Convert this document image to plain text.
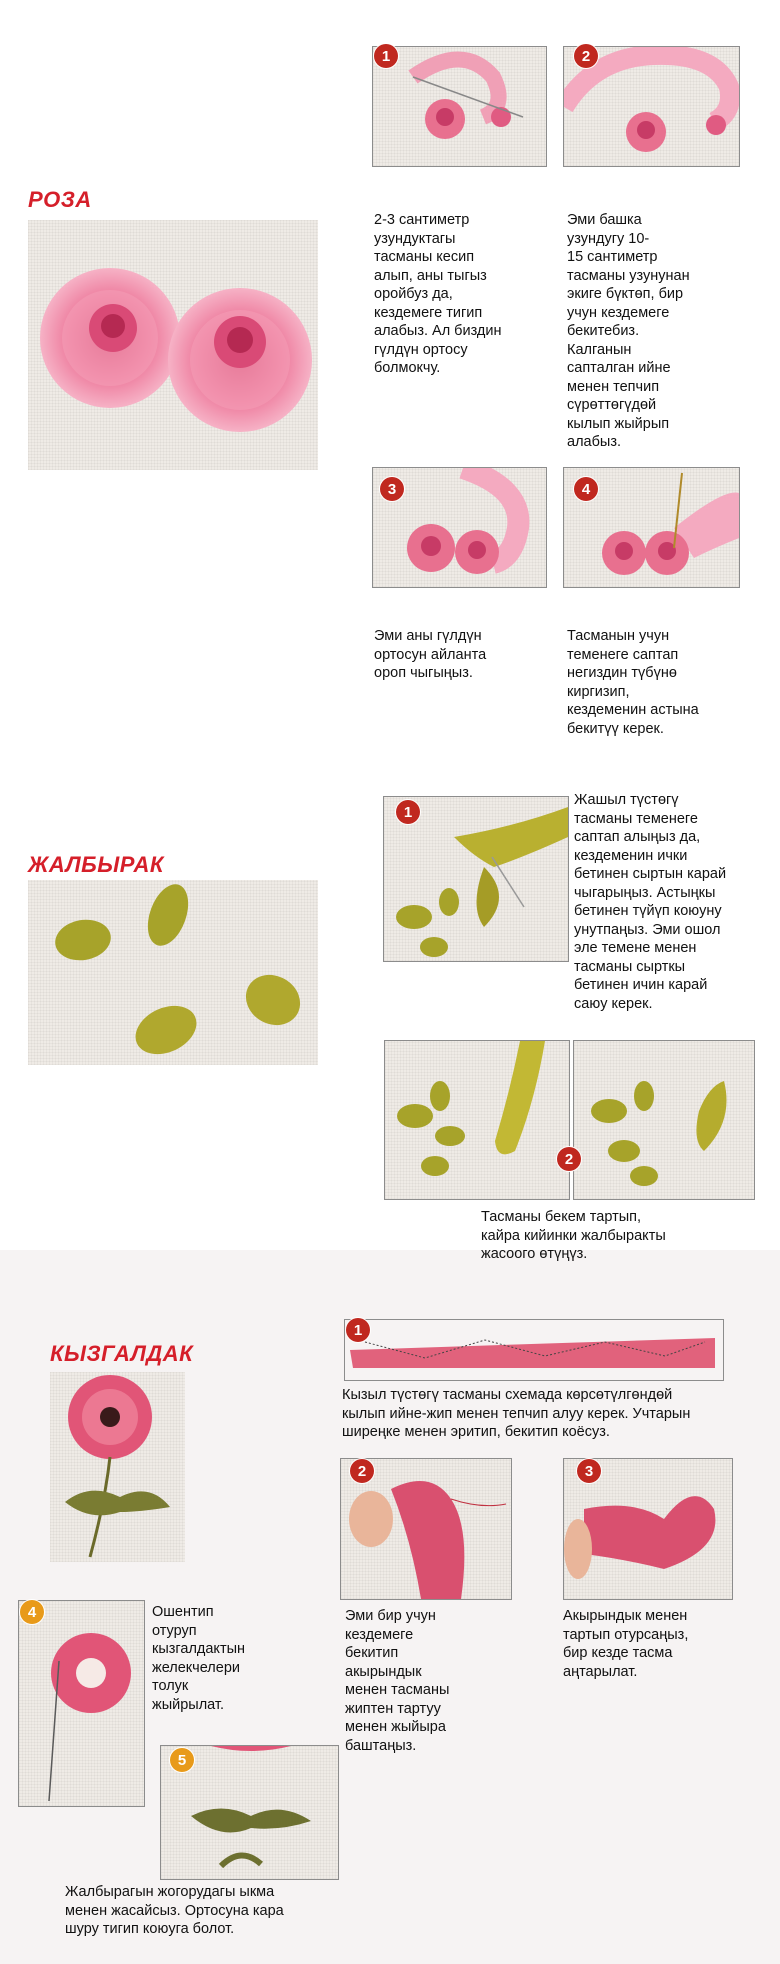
РОЗА
1
2-3 сантиметр
узундуктагы
тасманы кесип
алып, аны тыгыз
оройбуз да,
кездемеге тигип
алабыз. Ал биздин
гүлдүн ортосу
болмокчу.
2
Эми башка
узундугу 10-
15 сантиметр
тасманы узунунан
экиге бүктөп, бир
учун кездемеге
бекитебиз.
Калганын
сапталган ийне
менен тепчип
сүрөттөгүдөй
кылып жыйрып
алабыз.
3
Эми аны гүлдүн
ортосун айланта
ороп чыгыңыз.
4
Тасманын учун
теменеге саптап
негиздин түбүнө
киргизип,
кездеменин астына
бекитүү керек.
ЖАЛБЫРАК
1
Жашыл түстөгү
тасманы теменеге
саптап алыңыз да,
кездеменин ички
бетинен сыртын карай
чыгарыңыз. Астыңкы
бетинен түйүп коюуну
унутпаңыз. Эми ошол
эле темене менен
тасманы сырткы
бетинен ичин карай
саюу керек.
2
Тасманы бекем тартып,
кайра кийинки жалбыракты
жасоого өтүңүз.
КЫЗГАЛДАК
1
Кызыл түстөгү тасманы схемада көрсөтүлгөндөй
кылып ийне-жип менен тепчип алуу керек. Учтарын
ширеңке менен эритип, бекитип коёсуз.
2
Эми бир учун
кездемеге
бекитип
акырындык
менен тасманы
жиптен тартуу
менен жыйыра
баштаңыз.
3
Акырындык менен
тартып отурсаңыз,
бир кезде тасма
аңтарылат.
4	Ошентип
отуруп
кызгалдактын
желекчелери
толук
жыйрылат.
5
Жалбырагын жогорудагы ыкма
менен жасайсыз. Ортосуна кара
шуру тигип коюуга болот.
